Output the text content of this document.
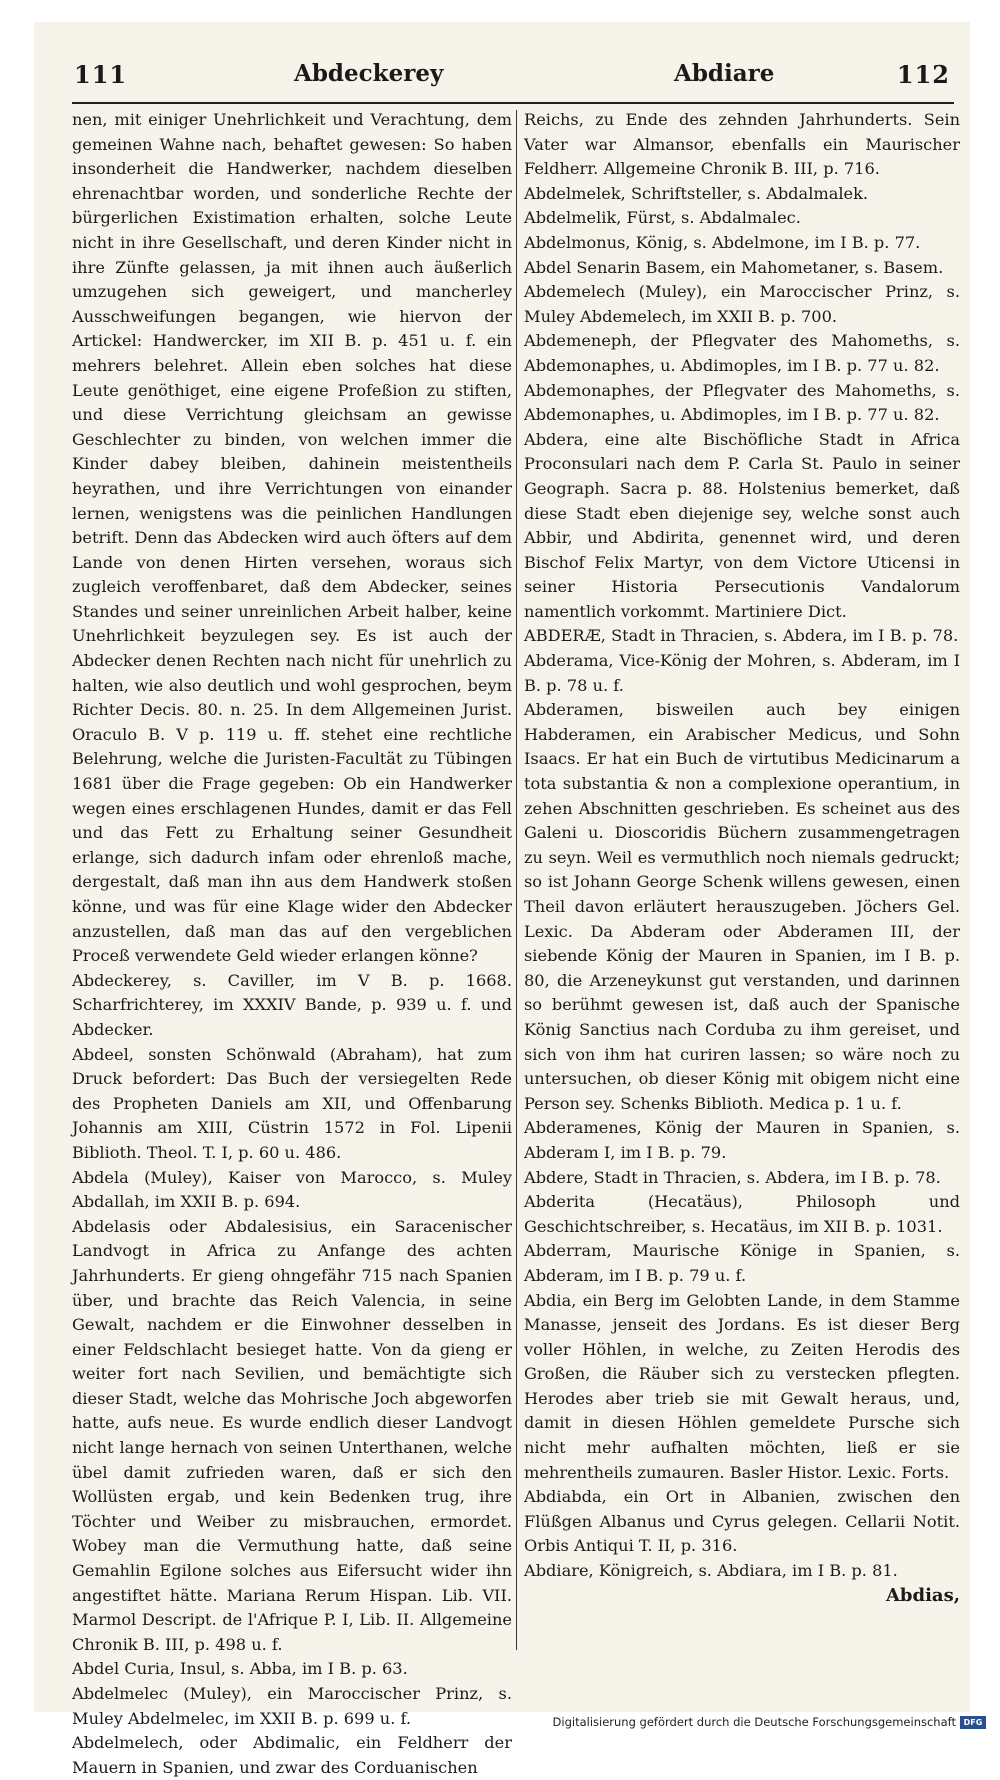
111	Abdeckerey	Abdiare	112

nen, mit einiger Unehrlichkeit und Verachtung, dem gemeinen Wahne nach, behaftet gewesen: So haben insonderheit die Handwerker, nachdem dieselben ehrenachtbar worden, und sonderliche Rechte der bürgerlichen Existimation erhalten, solche Leute nicht in ihre Gesellschaft, und deren Kinder nicht in ihre Zünfte gelassen, ja mit ihnen auch äußerlich umzugehen sich geweigert, und mancherley Ausschweifungen begangen, wie hiervon der Artickel: Handwercker, im XII B. p. 451 u. f. ein mehrers belehret. Allein eben solches hat diese Leute genöthiget, eine eigene Profeßion zu stiften, und diese Verrichtung gleichsam an gewisse Geschlechter zu binden, von welchen immer die Kinder dabey bleiben, dahinein meistentheils heyrathen, und ihre Verrichtungen von einander lernen, wenigstens was die peinlichen Handlungen betrift. Denn das Abdecken wird auch öfters auf dem Lande von denen Hirten versehen, woraus sich zugleich veroffenbaret, daß dem Abdecker, seines Standes und seiner unreinlichen Arbeit halber, keine Unehrlichkeit beyzulegen sey. Es ist auch der Abdecker denen Rechten nach nicht für unehrlich zu halten, wie also deutlich und wohl gesprochen, beym Richter Decis. 80. n. 25. In dem Allgemeinen Jurist. Oraculo B. V p. 119 u. ff. stehet eine rechtliche Belehrung, welche die Juristen-Facultät zu Tübingen 1681 über die Frage gegeben: Ob ein Handwerker wegen eines erschlagenen Hundes, damit er das Fell und das Fett zu Erhaltung seiner Gesundheit erlange, sich dadurch infam oder ehrenloß mache, dergestalt, daß man ihn aus dem Handwerk stoßen könne, und was für eine Klage wider den Abdecker anzustellen, daß man das auf den vergeblichen Proceß verwendete Geld wieder erlangen könne?

Abdeckerey, s. Caviller, im V B. p. 1668. Scharfrichterey, im XXXIV Bande, p. 939 u. f. und Abdecker.

Abdeel, sonsten Schönwald (Abraham), hat zum Druck befordert: Das Buch der versiegelten Rede des Propheten Daniels am XII, und Offenbarung Johannis am XIII, Cüstrin 1572 in Fol. Lipenii Biblioth. Theol. T. I, p. 60 u. 486.

Abdela (Muley), Kaiser von Marocco, s. Muley Abdallah, im XXII B. p. 694.

Abdelasis oder Abdalesisius, ein Saracenischer Landvogt in Africa zu Anfange des achten Jahrhunderts. Er gieng ohngefähr 715 nach Spanien über, und brachte das Reich Valencia, in seine Gewalt, nachdem er die Einwohner desselben in einer Feldschlacht besieget hatte. Von da gieng er weiter fort nach Sevilien, und bemächtigte sich dieser Stadt, welche das Mohrische Joch abgeworfen hatte, aufs neue. Es wurde endlich dieser Landvogt nicht lange hernach von seinen Unterthanen, welche übel damit zufrieden waren, daß er sich den Wollüsten ergab, und kein Bedenken trug, ihre Töchter und Weiber zu misbrauchen, ermordet. Wobey man die Vermuthung hatte, daß seine Gemahlin Egilone solches aus Eifersucht wider ihn angestiftet hätte. Mariana Rerum Hispan. Lib. VII. Marmol Descript. de l'Afrique P. I, Lib. II. Allgemeine Chronik B. III, p. 498 u. f.

Abdel Curia, Insul, s. Abba, im I B. p. 63.

Abdelmelec (Muley), ein Maroccischer Prinz, s. Muley Abdelmelec, im XXII B. p. 699 u. f.

Abdelmelech, oder Abdimalic, ein Feldherr der Mauern in Spanien, und zwar des Corduanischen

Reichs, zu Ende des zehnden Jahrhunderts. Sein Vater war Almansor, ebenfalls ein Maurischer Feldherr. Allgemeine Chronik B. III, p. 716.

Abdelmelek, Schriftsteller, s. Abdalmalek.

Abdelmelik, Fürst, s. Abdalmalec.

Abdelmonus, König, s. Abdelmone, im I B. p. 77.

Abdel Senarin Basem, ein Mahometaner, s. Basem.

Abdemelech (Muley), ein Maroccischer Prinz, s. Muley Abdemelech, im XXII B. p. 700.

Abdemeneph, der Pflegvater des Mahomeths, s. Abdemonaphes, u. Abdimoples, im I B. p. 77 u. 82.

Abdemonaphes, der Pflegvater des Mahomeths, s. Abdemonaphes, u. Abdimoples, im I B. p. 77 u. 82.

Abdera, eine alte Bischöfliche Stadt in Africa Proconsulari nach dem P. Carla St. Paulo in seiner Geograph. Sacra p. 88. Holstenius bemerket, daß diese Stadt eben diejenige sey, welche sonst auch Abbir, und Abdirita, genennet wird, und deren Bischof Felix Martyr, von dem Victore Uticensi in seiner Historia Persecutionis Vandalorum namentlich vorkommt. Martiniere Dict.

ABDERÆ, Stadt in Thracien, s. Abdera, im I B. p. 78.

Abderama, Vice-König der Mohren, s. Abderam, im I B. p. 78 u. f.

Abderamen, bisweilen auch bey einigen Habderamen, ein Arabischer Medicus, und Sohn Isaacs. Er hat ein Buch de virtutibus Medicinarum a tota substantia & non a complexione operantium, in zehen Abschnitten geschrieben. Es scheinet aus des Galeni u. Dioscoridis Büchern zusammengetragen zu seyn. Weil es vermuthlich noch niemals gedruckt; so ist Johann George Schenk willens gewesen, einen Theil davon erläutert herauszugeben. Jöchers Gel. Lexic. Da Abderam oder Abderamen III, der siebende König der Mauren in Spanien, im I B. p. 80, die Arzeneykunst gut verstanden, und darinnen so berühmt gewesen ist, daß auch der Spanische König Sanctius nach Corduba zu ihm gereiset, und sich von ihm hat curiren lassen; so wäre noch zu untersuchen, ob dieser König mit obigem nicht eine Person sey. Schenks Biblioth. Medica p. 1 u. f.

Abderamenes, König der Mauren in Spanien, s. Abderam I, im I B. p. 79.

Abdere, Stadt in Thracien, s. Abdera, im I B. p. 78.

Abderita (Hecatäus), Philosoph und Geschichtschreiber, s. Hecatäus, im XII B. p. 1031.

Abderram, Maurische Könige in Spanien, s. Abderam, im I B. p. 79 u. f.

Abdia, ein Berg im Gelobten Lande, in dem Stamme Manasse, jenseit des Jordans. Es ist dieser Berg voller Höhlen, in welche, zu Zeiten Herodis des Großen, die Räuber sich zu verstecken pflegten. Herodes aber trieb sie mit Gewalt heraus, und, damit in diesen Höhlen gemeldete Pursche sich nicht mehr aufhalten möchten, ließ er sie mehrentheils zumauren. Basler Histor. Lexic. Forts.

Abdiabda, ein Ort in Albanien, zwischen den Flüßgen Albanus und Cyrus gelegen. Cellarii Notit. Orbis Antiqui T. II, p. 316.

Abdiare, Königreich, s. Abdiara, im I B. p. 81.

Abdias,

Digitalisierung gefördert durch die Deutsche Forschungsgemeinschaft DFG
